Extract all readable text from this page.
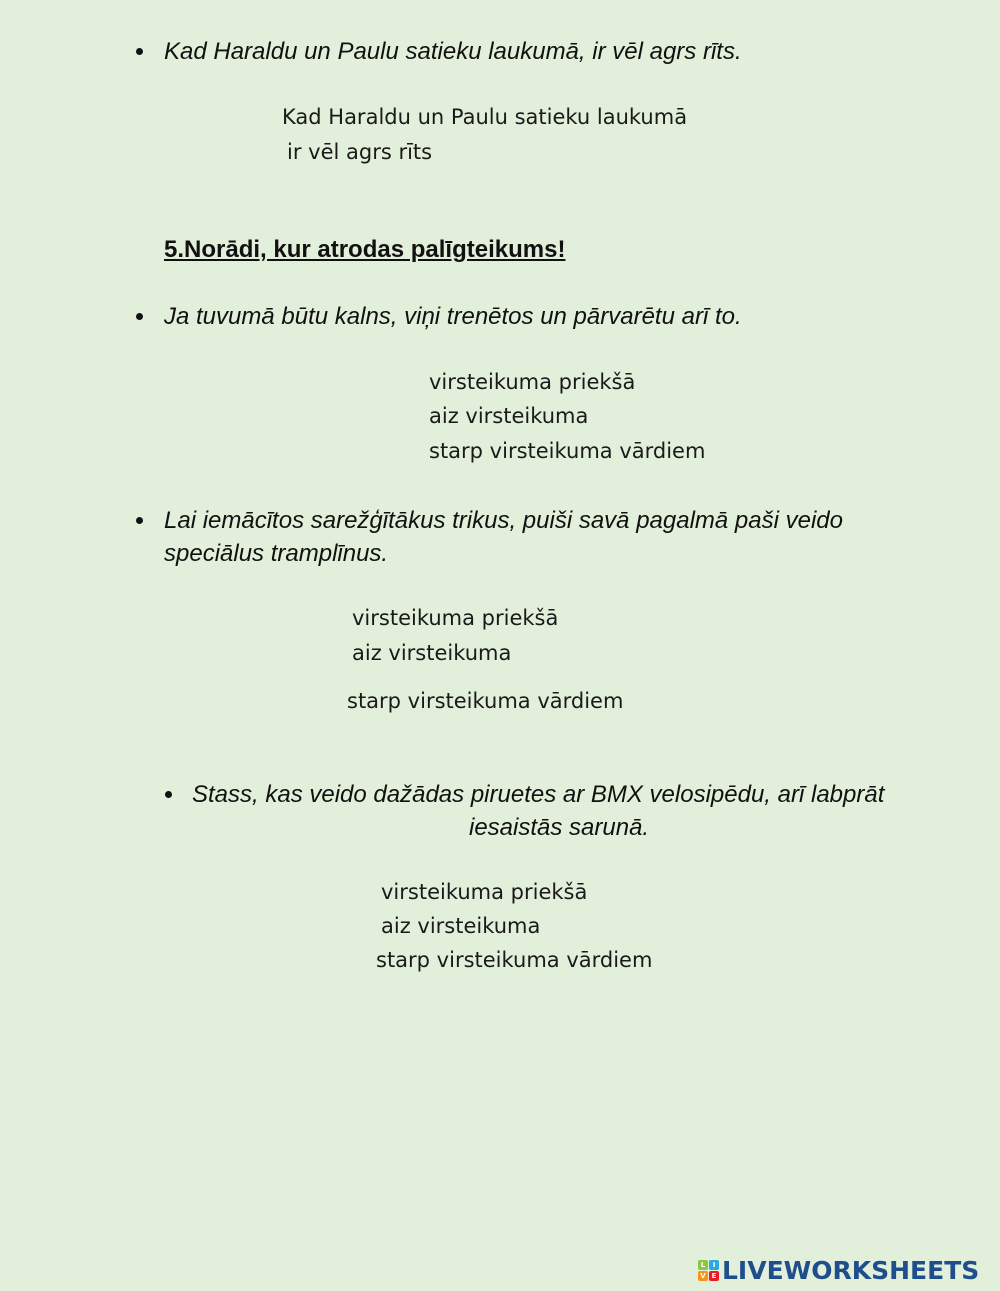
Kad Haraldu un Paulu satieku laukumā, ir vēl agrs rīts.
Kad Haraldu un Paulu satieku laukumā
ir vēl agrs rīts
5.Norādi, kur atrodas palīgteikums!
Ja tuvumā būtu kalns, viņi trenētos un pārvarētu arī to.
virsteikuma priekšā
aiz virsteikuma
starp virsteikuma vārdiem
Lai iemācītos sarežģītākus trikus, puiši savā pagalmā paši veido
speciālus tramplīnus.
virsteikuma priekšā
aiz virsteikuma
starp virsteikuma vārdiem
Stass, kas veido dažādas piruetes ar BMX velosipēdu, arī labprāt
iesaistās sarunā.
virsteikuma priekšā
aiz virsteikuma
starp virsteikuma vārdiem
L	I
V E LIVEWORKSHEETS
